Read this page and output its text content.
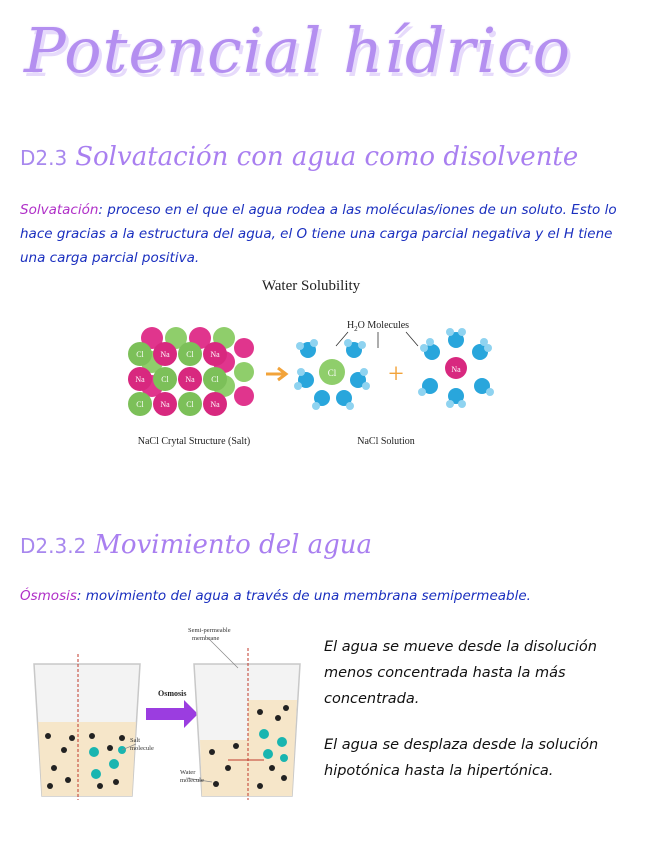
Potencial hídrico
D2.3 Solvatación con agua como disolvente
Solvatación: proceso en el que el agua rodea a las moléculas/iones de un soluto. Esto lo hace gracias a la estructura del agua, el O tiene una carga parcial negativa y el H tiene una carga parcial positiva.
Water Solubility
$H_2O$ Molecules
Cl Na Cl Na
Na Cl Na Cl
Cl Na Cl Na
Cl +	Na
NaCl Crytal Structure (Salt)	NaCl Solution
D2.3.2 Movimiento del agua
Ósmosis: movimiento del agua a través de una membrana semipermeable.
Osmosis
Semi-permeable membrane
Salt molecule
Water molecule
El agua se mueve desde la disolución menos concentrada hasta la más concentrada.
El agua se desplaza desde la solución hipotónica hasta la hipertónica.
